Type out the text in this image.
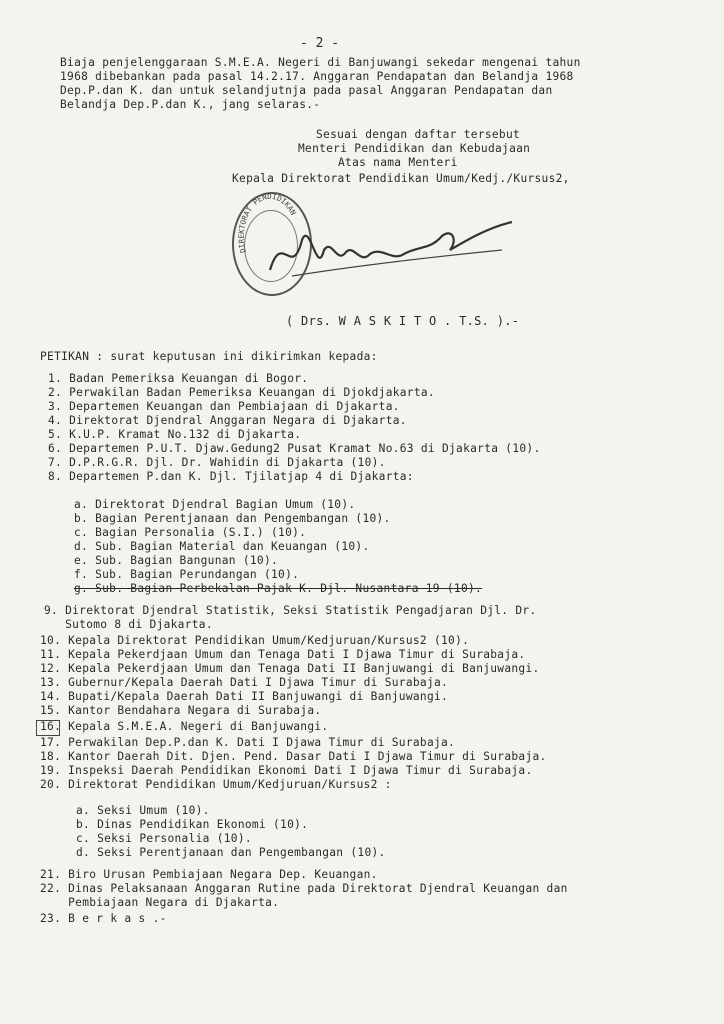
- 2 -
Biaja penjelenggaraan S.M.E.A. Negeri di Banjuwangi sekedar mengenai tahun
1968 dibebankan pada pasal 14.2.17. Anggaran Pendapatan dan Belandja 1968
Dep.P.dan K. dan untuk selandjutnja pada pasal Anggaran Pendapatan dan
Belandja Dep.P.dan K., jang selaras.-
Sesuai dengan daftar tersebut
Menteri Pendidikan dan Kebudajaan
Atas nama Menteri
Kepala Direktorat Pendidikan Umum/Kedj./Kursus2,
DIREKTORAT PENDIDIKAN
( Drs. W A S K I T O . T.S. ).-
PETIKAN : surat keputusan ini dikirimkan kepada:
1. Badan Pemeriksa Keuangan di Bogor.
2. Perwakilan Badan Pemeriksa Keuangan di Djokdjakarta.
3. Departemen Keuangan dan Pembiajaan di Djakarta.
4. Direktorat Djendral Anggaran Negara di Djakarta.
5. K.U.P. Kramat No.132 di Djakarta.
6. Departemen P.U.T. Djaw.Gedung2 Pusat Kramat No.63 di Djakarta (10).
7. D.P.R.G.R. Djl. Dr. Wahidin di Djakarta (10).
8. Departemen P.dan K. Djl. Tjilatjap 4 di Djakarta:
a. Direktorat Djendral Bagian Umum (10).
b. Bagian Perentjanaan dan Pengembangan (10).
c. Bagian Personalia (S.I.) (10).
d. Sub. Bagian Material dan Keuangan (10).
e. Sub. Bagian Bangunan (10).
f. Sub. Bagian Perundangan (10).
g. Sub. Bagian Perbekalan Pajak K. Djl. Nusantara 19 (10).
9. Direktorat Djendral Statistik, Seksi Statistik Pengadjaran Djl. Dr.
Sutomo 8 di Djakarta.
10. Kepala Direktorat Pendidikan Umum/Kedjuruan/Kursus2 (10).
11. Kepala Pekerdjaan Umum dan Tenaga Dati I Djawa Timur di Surabaja.
12. Kepala Pekerdjaan Umum dan Tenaga Dati II Banjuwangi di Banjuwangi.
13. Gubernur/Kepala Daerah Dati I Djawa Timur di Surabaja.
14. Bupati/Kepala Daerah Dati II Banjuwangi di Banjuwangi.
15. Kantor Bendahara Negara di Surabaja.
16. Kepala S.M.E.A. Negeri di Banjuwangi.
17. Perwakilan Dep.P.dan K. Dati I Djawa Timur di Surabaja.
18. Kantor Daerah Dit. Djen. Pend. Dasar Dati I Djawa Timur di Surabaja.
19. Inspeksi Daerah Pendidikan Ekonomi Dati I Djawa Timur di Surabaja.
20. Direktorat Pendidikan Umum/Kedjuruan/Kursus2 :
a. Seksi Umum (10).
b. Dinas Pendidikan Ekonomi (10).
c. Seksi Personalia (10).
d. Seksi Perentjanaan dan Pengembangan (10).
21. Biro Urusan Pembiajaan Negara Dep. Keuangan.
22. Dinas Pelaksanaan Anggaran Rutine pada Direktorat Djendral Keuangan dan
Pembiajaan Negara di Djakarta.
23. B e r k a s .-
